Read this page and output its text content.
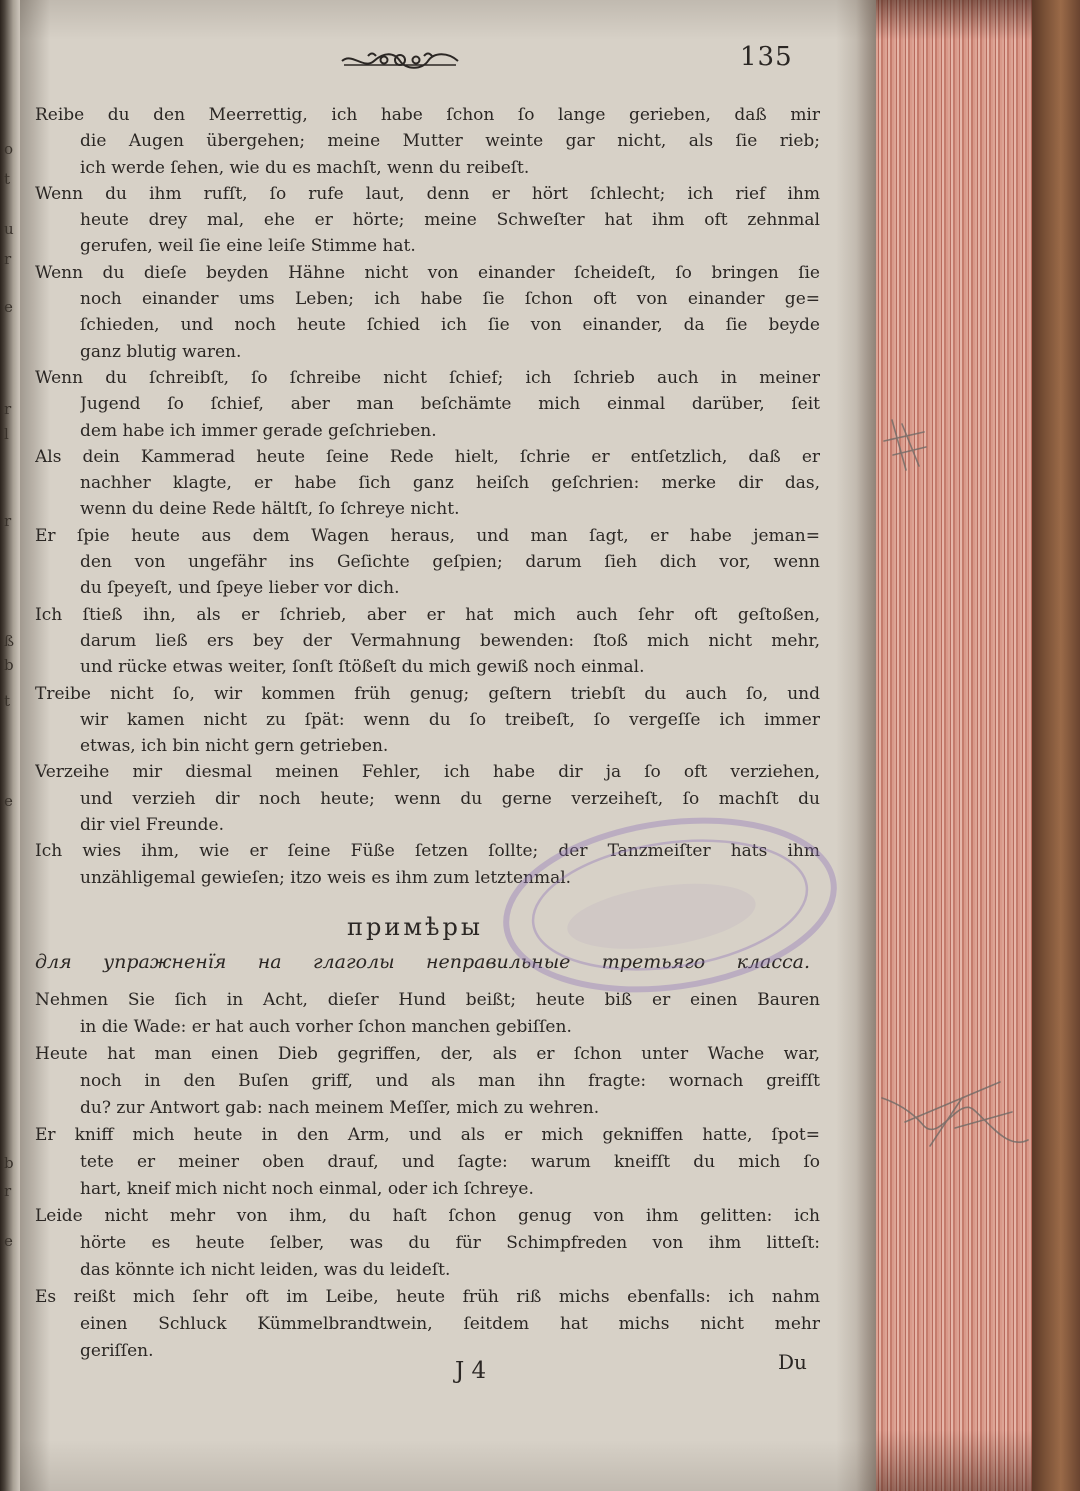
o
t
u
r
e
r
l
r
ß
b
t
e
b
r
e
135
Reibe du den Meerrettig, ich habe ſchon ſo lange gerieben, daß mir
die Augen übergehen; meine Mutter weinte gar nicht, als ſie rieb;
ich werde ſehen, wie du es machſt, wenn du reibeſt.
Wenn du ihm rufſt, ſo rufe laut, denn er hört ſchlecht; ich rief ihm
heute drey mal, ehe er hörte; meine Schweſter hat ihm oft zehnmal
gerufen, weil ſie eine leiſe Stimme hat.
Wenn du dieſe beyden Hähne nicht von einander ſcheideſt, ſo bringen ſie
noch einander ums Leben; ich habe ſie ſchon oft von einander ge=
ſchieden, und noch heute ſchied ich ſie von einander, da ſie beyde
ganz blutig waren.
Wenn du ſchreibſt, ſo ſchreibe nicht ſchief; ich ſchrieb auch in meiner
Jugend ſo ſchief, aber man beſchämte mich einmal darüber, ſeit
dem habe ich immer gerade geſchrieben.
Als dein Kammerad heute ſeine Rede hielt, ſchrie er entſetzlich, daß er
nachher klagte, er habe ſich ganz heiſch geſchrien: merke dir das,
wenn du deine Rede hältſt, ſo ſchreye nicht.
Er ſpie heute aus dem Wagen heraus, und man ſagt, er habe jeman=
den von ungefähr ins Geſichte geſpien; darum ſieh dich vor, wenn
du ſpeyeſt, und ſpeye lieber vor dich.
Ich ſtieß ihn, als er ſchrieb, aber er hat mich auch ſehr oft geſtoßen,
darum ließ ers bey der Vermahnung bewenden: ſtoß mich nicht mehr,
und rücke etwas weiter, ſonſt ſtößeſt du mich gewiß noch einmal.
Treibe nicht ſo, wir kommen früh genug; geſtern triebſt du auch ſo, und
wir kamen nicht zu ſpät: wenn du ſo treibeſt, ſo vergeſſe ich immer
etwas, ich bin nicht gern getrieben.
Verzeihe mir diesmal meinen Fehler, ich habe dir ja ſo oft verziehen,
und verzieh dir noch heute; wenn du gerne verzeiheſt, ſo machſt du
dir viel Freunde.
Ich wies ihm, wie er ſeine Füße ſetzen ſollte; der Tanzmeiſter hats ihm
unzähligemal gewieſen; itzo weis es ihm zum letztenmal.
примѣры
для упражненїя на глаголы неправильные третьяго класса.
Nehmen Sie ſich in Acht, dieſer Hund beißt; heute biß er einen Bauren
in die Wade: er hat auch vorher ſchon manchen gebiſſen.
Heute hat man einen Dieb gegriffen, der, als er ſchon unter Wache war,
noch in den Buſen griff, und als man ihn fragte: wornach greifſt
du? zur Antwort gab: nach meinem Meſſer, mich zu wehren.
Er kniff mich heute in den Arm, und als er mich gekniffen hatte, ſpot=
tete er meiner oben drauf, und ſagte: warum kneifſt du mich ſo
hart, kneif mich nicht noch einmal, oder ich ſchreye.
Leide nicht mehr von ihm, du haſt ſchon genug von ihm gelitten: ich
hörte es heute ſelber, was du für Schimpfreden von ihm litteſt:
das könnte ich nicht leiden, was du leideſt.
Es reißt mich ſehr oft im Leibe, heute früh riß michs ebenfalls: ich nahm
einen Schluck Kümmelbrandtwein, ſeitdem hat michs nicht mehr
geriſſen.
J 4	Du
